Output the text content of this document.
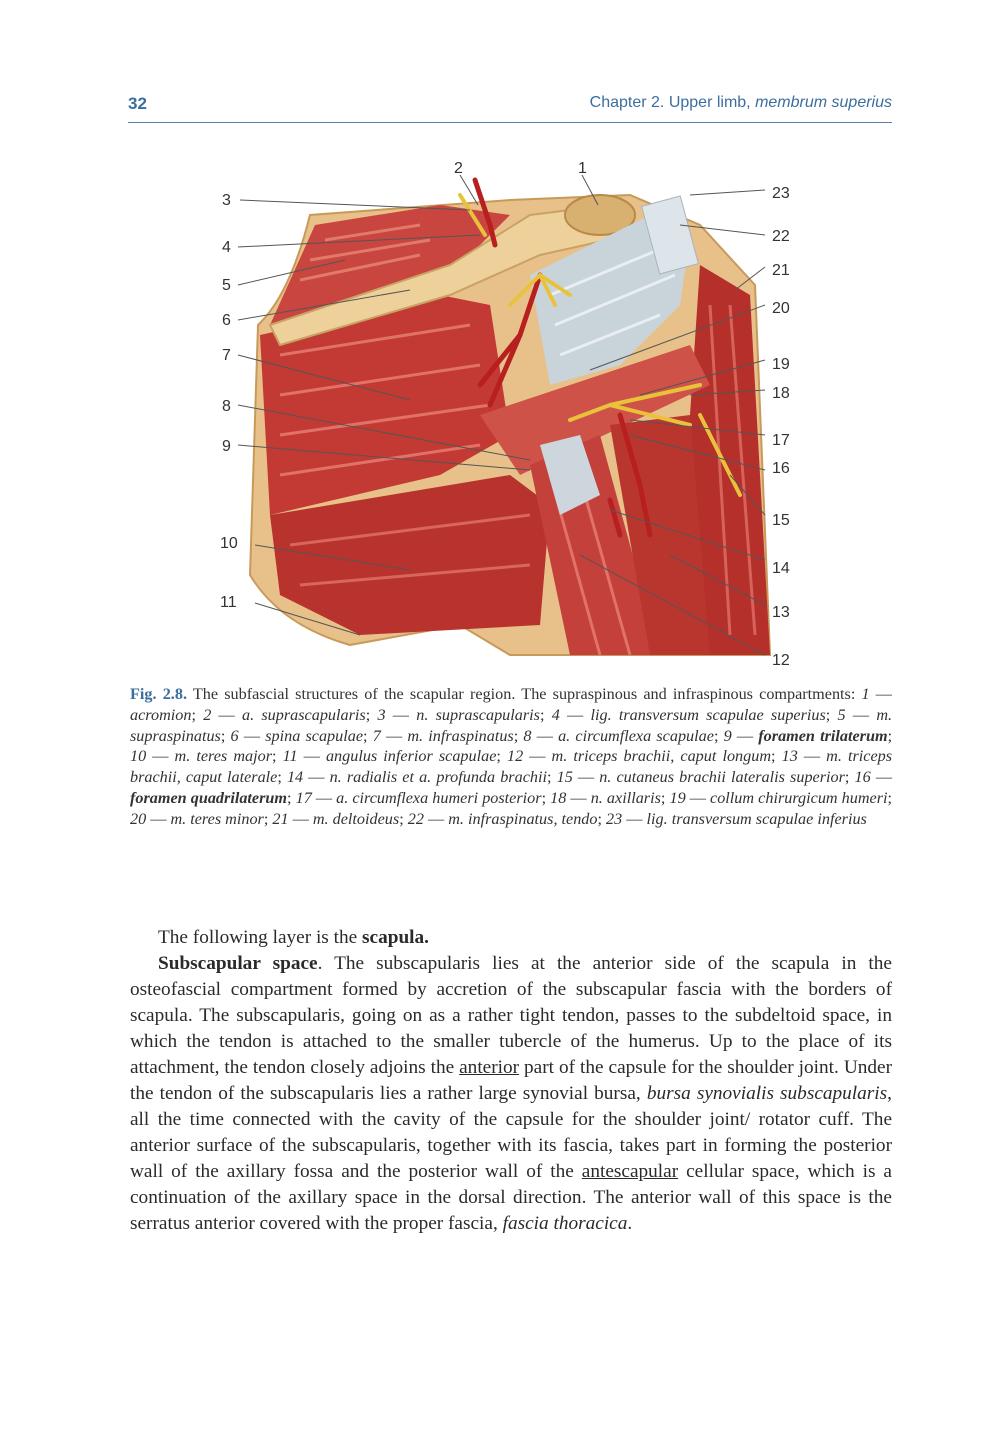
32	Chapter 2. Upper limb, membrum superius
1
2
3
4
5
6
7
8
9
10
11
12
13
14
15
16
17
18
19
20
21
22
23
Fig. 2.8. The subfascial structures of the scapular region. The supraspinous and infraspinous compartments: 1 — acromion; 2 — a. suprascapularis; 3 — n. suprascapularis; 4 — lig. transversum scapulae superius; 5 — m. supraspinatus; 6 — spina scapulae; 7 — m. infraspinatus; 8 — a. circumflexa scapulae; 9 — foramen trilaterum; 10 — m. teres major; 11 — angulus inferior scapulae; 12 — m. triceps brachii, caput longum; 13 — m. triceps brachii, caput laterale; 14 — n. radialis et a. profunda brachii; 15 — n. cutaneus brachii lateralis superior; 16 — foramen quadrilaterum; 17 — a. circumflexa humeri posterior; 18 — n. axillaris; 19 — collum chirurgicum humeri; 20 — m. teres minor; 21 — m. deltoideus; 22 — m. infraspinatus, tendo; 23 — lig. transversum scapulae inferius

The following layer is the scapula.

Subscapular space. The subscapularis lies at the anterior side of the scapula in the osteofascial compartment formed by accretion of the subscapular fascia with the borders of scapula. The subscapularis, going on as a rather tight tendon, passes to the subdeltoid space, in which the tendon is attached to the smaller tubercle of the humerus. Up to the place of its attachment, the tendon closely adjoins the anterior part of the capsule for the shoulder joint. Under the tendon of the subscapularis lies a rather large synovial bursa, bursa synovialis subscapularis, all the time connected with the cavity of the capsule for the shoulder joint/ rotator cuff. The anterior surface of the subscapularis, together with its fascia, takes part in forming the posterior wall of the axillary fossa and the posterior wall of the antescapular cellular space, which is a continuation of the axillary space in the dorsal direction. The anterior wall of this space is the serratus anterior covered with the proper fascia, fascia thoracica.
